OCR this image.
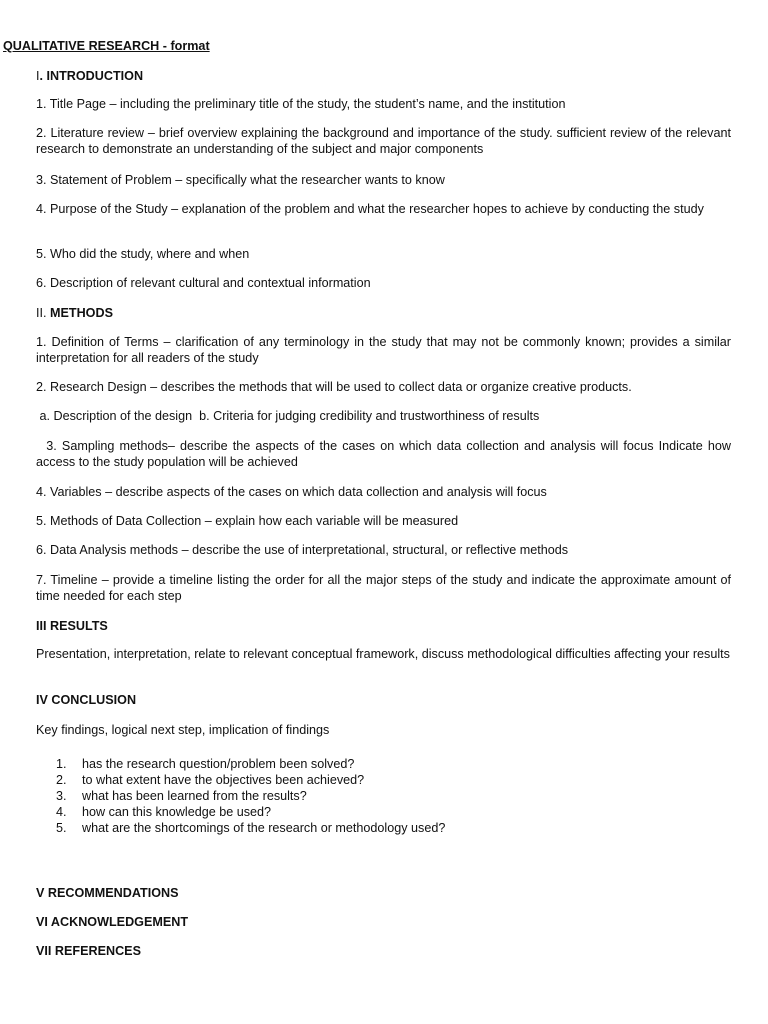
QUALITATIVE RESEARCH - format
I. INTRODUCTION
1. Title Page – including the preliminary title of the study, the student’s name, and the institution
2. Literature review – brief overview explaining the background and importance of the study. sufficient review of the relevant research to demonstrate an understanding of the subject and major components
3. Statement of Problem – specifically what the researcher wants to know
4. Purpose of the Study – explanation of the problem and what the researcher hopes to achieve by conducting the study
5. Who did the study, where and when
6. Description of relevant cultural and contextual information
II. METHODS
1. Definition of Terms – clarification of any terminology in the study that may not be commonly known; provides a similar interpretation for all readers of the study
2. Research Design – describes the methods that will be used to collect data or organize creative products.
a. Description of the design  b. Criteria for judging credibility and trustworthiness of results
3. Sampling methods– describe the aspects of the cases on which data collection and analysis will focus Indicate how access to the study population will be achieved
4. Variables – describe aspects of the cases on which data collection and analysis will focus
5. Methods of Data Collection – explain how each variable will be measured
6. Data Analysis methods – describe the use of interpretational, structural, or reflective methods
7. Timeline – provide a timeline listing the order for all the major steps of the study and indicate the approximate amount of time needed for each step
III RESULTS
Presentation, interpretation, relate to relevant conceptual framework, discuss methodological difficulties affecting your results
IV CONCLUSION
Key findings, logical next step, implication of findings
1.	has the research question/problem been solved?
2.	to what extent have the objectives been achieved?
3.	what has been learned from the results?
4.	how can this knowledge be used?
5.	what are the shortcomings of the research or methodology used?
V RECOMMENDATIONS
VI ACKNOWLEDGEMENT
VII REFERENCES
